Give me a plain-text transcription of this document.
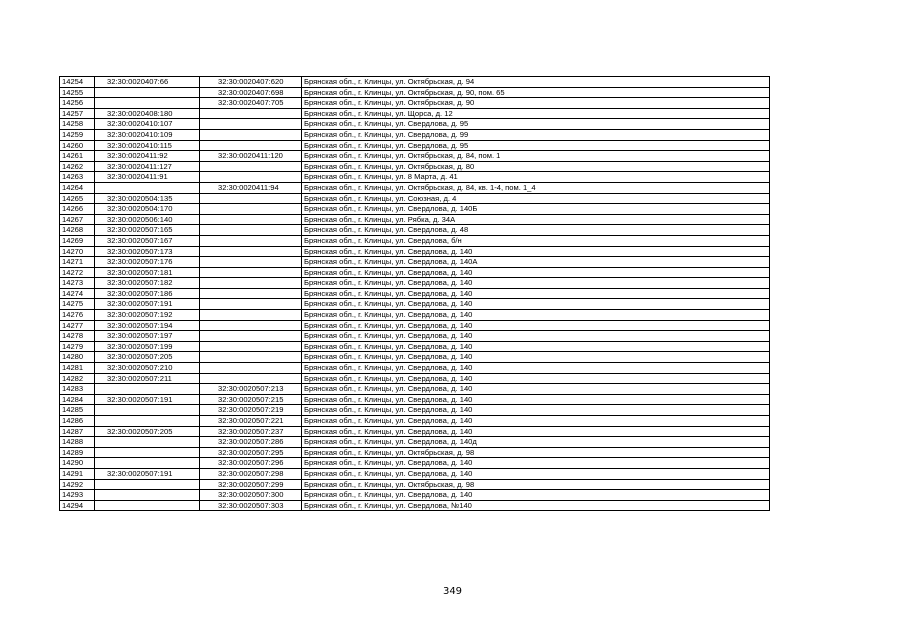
14254	32:30:0020407:66	32:30:0020407:620	Брянская обл., г. Клинцы, ул. Октябрьская, д. 94
14255		32:30:0020407:698	Брянская обл., г. Клинцы, ул. Октябрьская, д. 90, пом. 65
14256		32:30:0020407:705	Брянская обл., г. Клинцы, ул. Октябрьская, д. 90
14257	32:30:0020408:180		Брянская обл., г. Клинцы, ул. Щорса, д. 12
14258	32:30:0020410:107		Брянская обл., г. Клинцы, ул. Свердлова, д. 95
14259	32:30:0020410:109		Брянская обл., г. Клинцы, ул. Свердлова, д. 99
14260	32:30:0020410:115		Брянская обл., г. Клинцы, ул. Свердлова, д. 95
14261	32:30:0020411:92	32:30:0020411:120	Брянская обл., г. Клинцы, ул. Октябрьская, д. 84, пом. 1
14262	32:30:0020411:127		Брянская обл., г. Клинцы, ул. Октябрьская, д. 80
14263	32:30:0020411:91		Брянская обл., г. Клинцы, ул. 8 Марта, д. 41
14264		32:30:0020411:94	Брянская обл., г. Клинцы, ул. Октябрьская, д. 84, кв. 1-4, пом. 1_4
14265	32:30:0020504:135		Брянская обл., г. Клинцы, ул. Союзная, д. 4
14266	32:30:0020504:170		Брянская обл., г. Клинцы, ул. Свердлова, д. 140Б
14267	32:30:0020506:140		Брянская обл., г. Клинцы, ул. Рябка, д. 34А
14268	32:30:0020507:165		Брянская обл., г. Клинцы, ул. Свердлова, д. 48
14269	32:30:0020507:167		Брянская обл., г. Клинцы, ул. Свердлова, б/н
14270	32:30:0020507:173		Брянская обл., г. Клинцы, ул. Свердлова, д. 140
14271	32:30:0020507:176		Брянская обл., г. Клинцы, ул. Свердлова, д. 140А
14272	32:30:0020507:181		Брянская обл., г. Клинцы, ул. Свердлова, д. 140
14273	32:30:0020507:182		Брянская обл., г. Клинцы, ул. Свердлова, д. 140
14274	32:30:0020507:186		Брянская обл., г. Клинцы, ул. Свердлова, д. 140
14275	32:30:0020507:191		Брянская обл., г. Клинцы, ул. Свердлова, д. 140
14276	32:30:0020507:192		Брянская обл., г. Клинцы, ул. Свердлова, д. 140
14277	32:30:0020507:194		Брянская обл., г. Клинцы, ул. Свердлова, д. 140
14278	32:30:0020507:197		Брянская обл., г. Клинцы, ул. Свердлова, д. 140
14279	32:30:0020507:199		Брянская обл., г. Клинцы, ул. Свердлова, д. 140
14280	32:30:0020507:205		Брянская обл., г. Клинцы, ул. Свердлова, д. 140
14281	32:30:0020507:210		Брянская обл., г. Клинцы, ул. Свердлова, д. 140
14282	32:30:0020507:211		Брянская обл., г. Клинцы, ул. Свердлова, д. 140
14283		32:30:0020507:213	Брянская обл., г. Клинцы, ул. Свердлова, д. 140
14284	32:30:0020507:191	32:30:0020507:215	Брянская обл., г. Клинцы, ул. Свердлова, д. 140
14285		32:30:0020507:219	Брянская обл., г. Клинцы, ул. Свердлова, д. 140
14286		32:30:0020507:221	Брянская обл., г. Клинцы, ул. Свердлова, д. 140
14287	32:30:0020507:205	32:30:0020507:237	Брянская обл., г. Клинцы, ул. Свердлова, д. 140
14288		32:30:0020507:286	Брянская обл., г. Клинцы, ул. Свердлова, д. 140д
14289		32:30:0020507:295	Брянская обл., г. Клинцы, ул. Октябрьская, д. 98
14290		32:30:0020507:296	Брянская обл., г. Клинцы, ул. Свердлова, д. 140
14291	32:30:0020507:191	32:30:0020507:298	Брянская обл., г. Клинцы, ул. Свердлова, д. 140
14292		32:30:0020507:299	Брянская обл., г. Клинцы, ул. Октябрьская, д. 98
14293		32:30:0020507:300	Брянская обл., г. Клинцы, ул. Свердлова, д. 140
14294		32:30:0020507:303	Брянская обл., г. Клинцы, ул. Свердлова, №140
349
